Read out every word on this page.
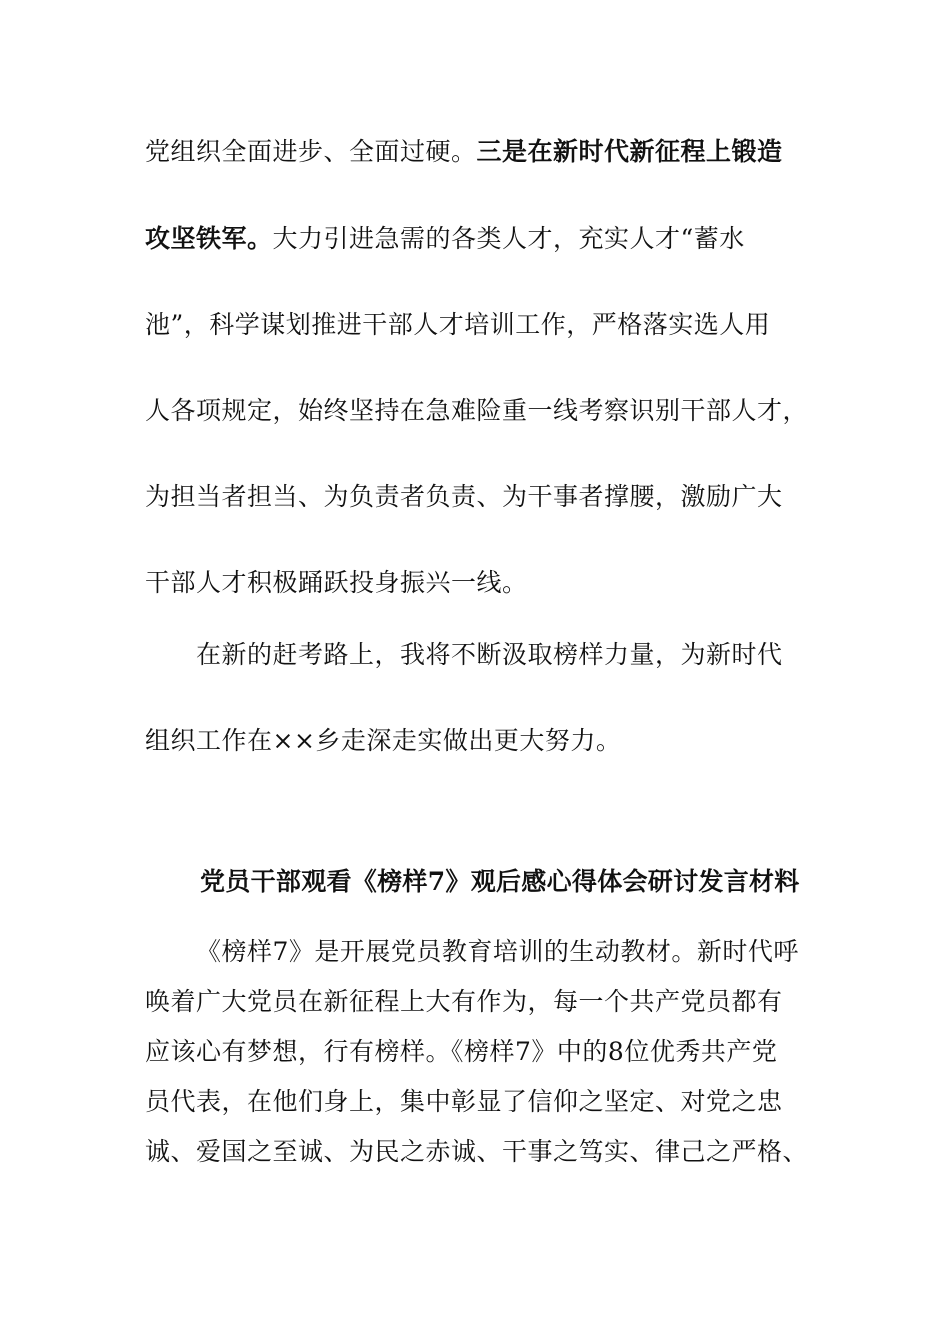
党组织全面进步、全面过硬。三是在新时代新征程上锻造
攻坚铁军。大力引进急需的各类人才，充实人才“蓄水
池”，科学谋划推进干部人才培训工作，严格落实选人用
人各项规定，始终坚持在急难险重一线考察识别干部人才，
为担当者担当、为负责者负责、为干事者撑腰，激励广大
干部人才积极踊跃投身振兴一线。
在新的赶考路上，我将不断汲取榜样力量，为新时代
组织工作在××乡走深走实做出更大努力。
党员干部观看《榜样7》观后感心得体会研讨发言材料
《榜样7》是开展党员教育培训的生动教材。新时代呼
唤着广大党员在新征程上大有作为，每一个共产党员都有
应该心有梦想，行有榜样。《榜样7》中的8位优秀共产党
员代表，在他们身上，集中彰显了信仰之坚定、对党之忠
诚、爱国之至诚、为民之赤诚、干事之笃实、律己之严格、
